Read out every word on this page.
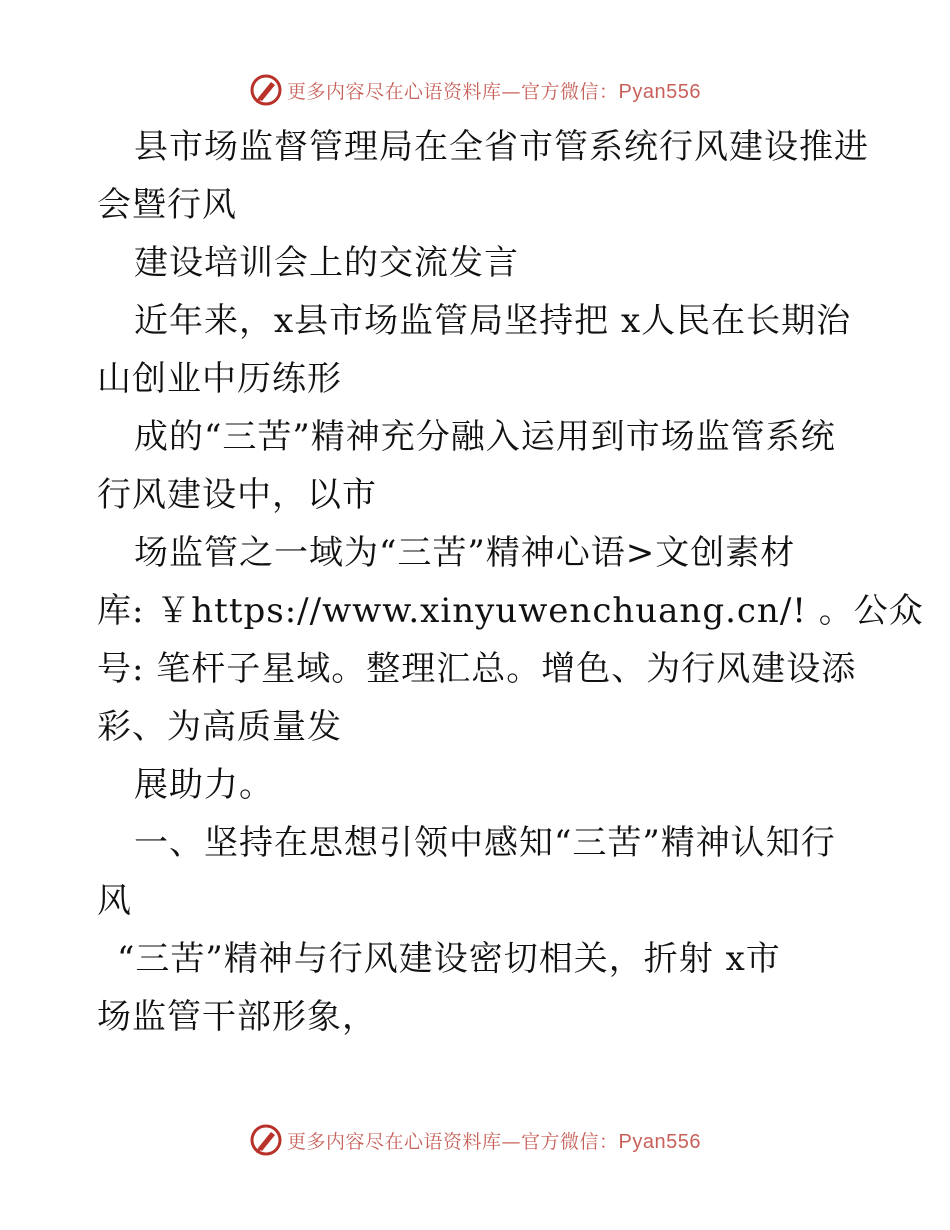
更多内容尽在心语资料库—官方微信：Pyan556
县市场监督管理局在全省市管系统行风建设推进
会暨行风
建设培训会上的交流发言
近年来，x县市场监管局坚持把 x人民在长期治
山创业中历练形
成的“三苦”精神充分融入运用到市场监管系统
行风建设中，以市
场监管之一域为“三苦”精神心语>文创素材
库: ￥https://www.xinyuwenchuang.cn/! 。公众
号: 笔杆子星域。整理汇总。增色、为行风建设添
彩、为高质量发
展助力。
一、坚持在思想引领中感知“三苦”精神认知行
风
“三苦”精神与行风建设密切相关，折射 x市
场监管干部形象，
更多内容尽在心语资料库—官方微信：Pyan556
